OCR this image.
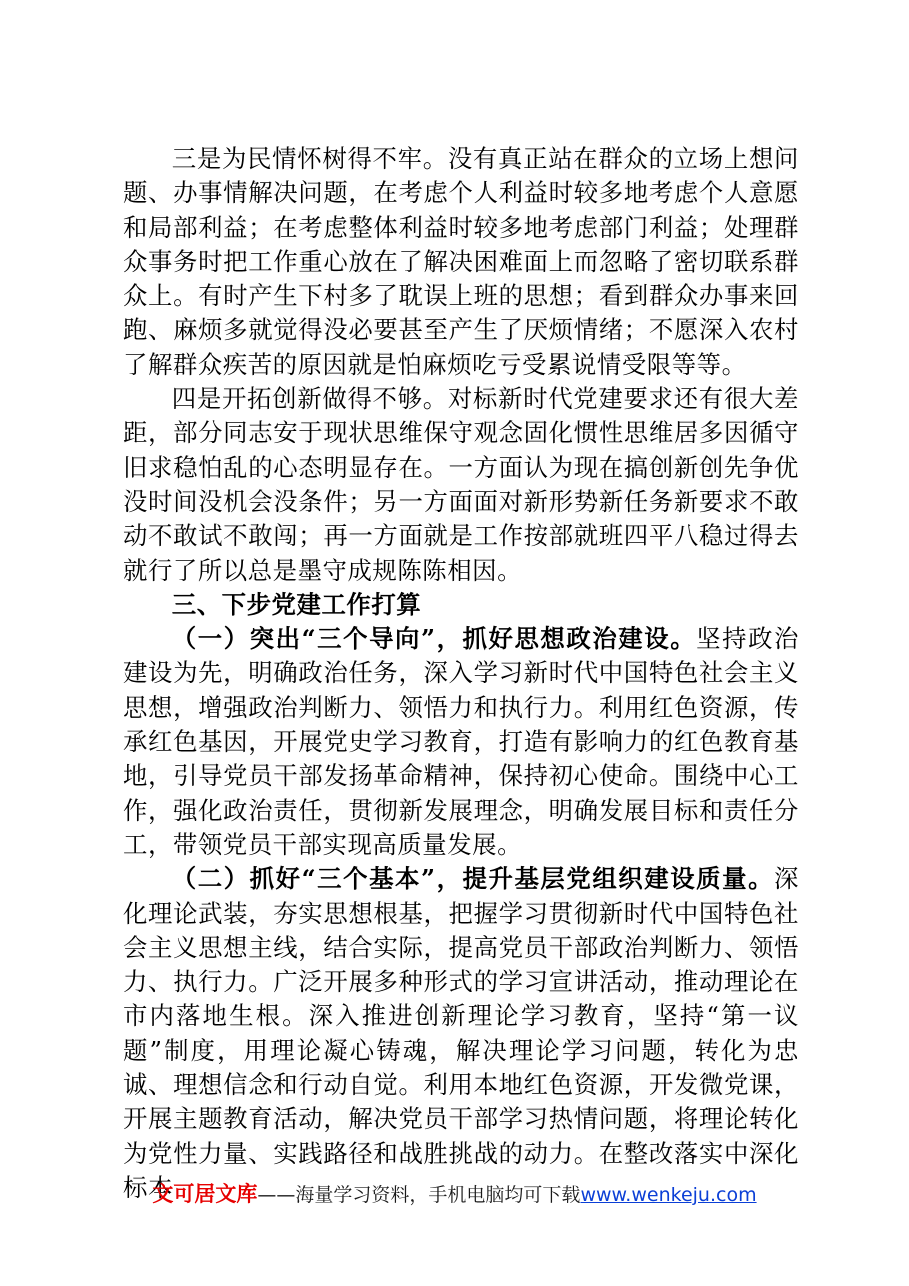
三是为民情怀树得不牢。没有真正站在群众的立场上想问题、办事情解决问题，在考虑个人利益时较多地考虑个人意愿和局部利益；在考虑整体利益时较多地考虑部门利益；处理群众事务时把工作重心放在了解决困难面上而忽略了密切联系群众上。有时产生下村多了耽误上班的思想；看到群众办事来回跑、麻烦多就觉得没必要甚至产生了厌烦情绪；不愿深入农村了解群众疾苦的原因就是怕麻烦吃亏受累说情受限等等。

四是开拓创新做得不够。对标新时代党建要求还有很大差距，部分同志安于现状思维保守观念固化惯性思维居多因循守旧求稳怕乱的心态明显存在。一方面认为现在搞创新创先争优没时间没机会没条件；另一方面面对新形势新任务新要求不敢动不敢试不敢闯；再一方面就是工作按部就班四平八稳过得去就行了所以总是墨守成规陈陈相因。

三、下步党建工作打算

（一）突出“三个导向”，抓好思想政治建设。坚持政治建设为先，明确政治任务，深入学习新时代中国特色社会主义思想，增强政治判断力、领悟力和执行力。利用红色资源，传承红色基因，开展党史学习教育，打造有影响力的红色教育基地，引导党员干部发扬革命精神，保持初心使命。围绕中心工作，强化政治责任，贯彻新发展理念，明确发展目标和责任分工，带领党员干部实现高质量发展。

（二）抓好“三个基本”，提升基层党组织建设质量。深化理论武装，夯实思想根基，把握学习贯彻新时代中国特色社会主义思想主线，结合实际，提高党员干部政治判断力、领悟力、执行力。广泛开展多种形式的学习宣讲活动，推动理论在市内落地生根。深入推进创新理论学习教育，坚持“第一议题”制度，用理论凝心铸魂，解决理论学习问题，转化为忠诚、理想信念和行动自觉。利用本地红色资源，开发微党课，开展主题教育活动，解决党员干部学习热情问题，将理论转化为党性力量、实践路径和战胜挑战的动力。在整改落实中深化标本

文可居文库——海量学习资料，手机电脑均可下载www.wenkeju.com
